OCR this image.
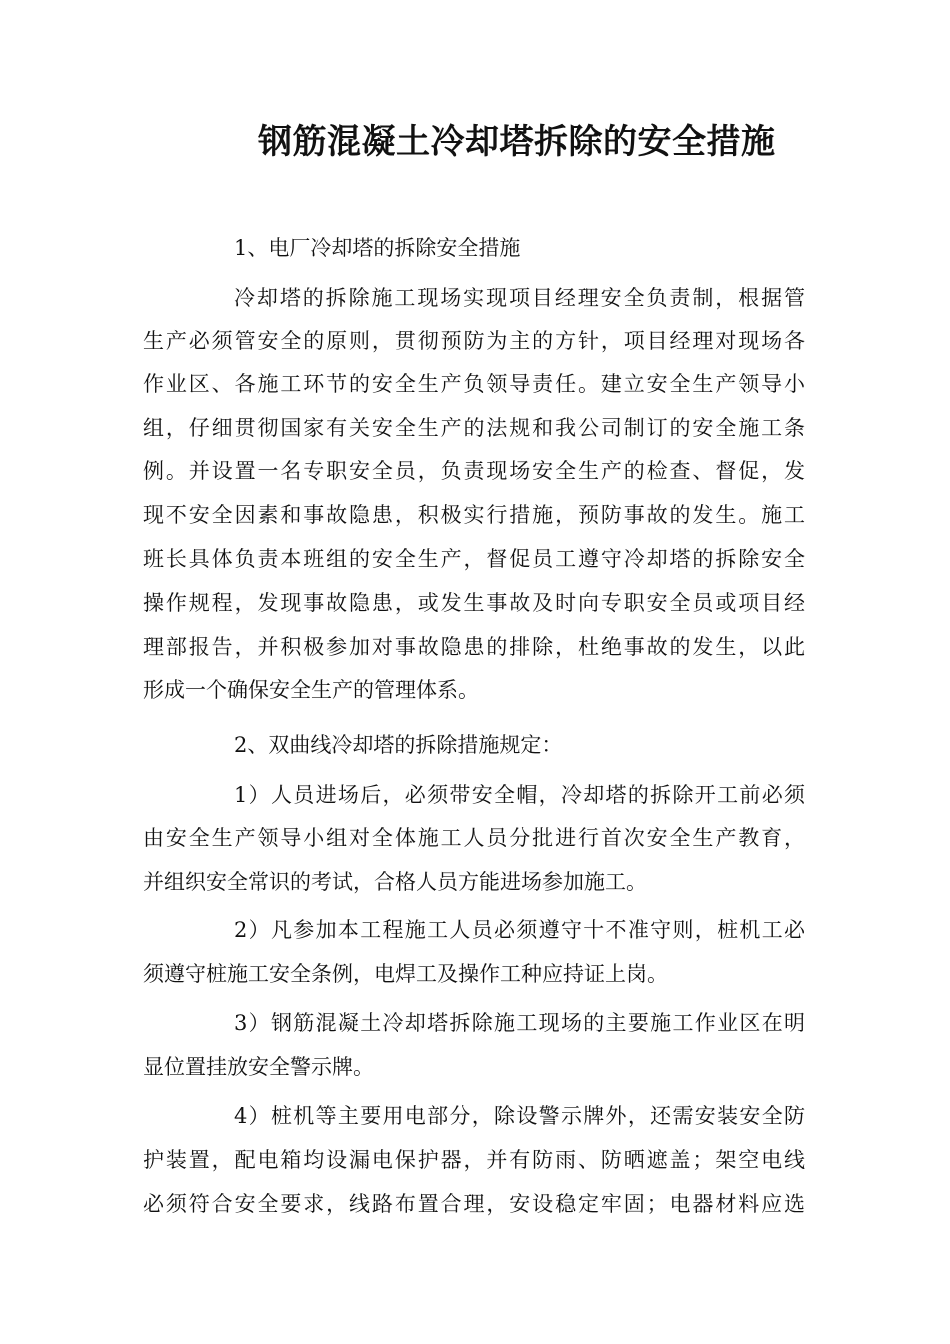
钢筋混凝土冷却塔拆除的安全措施
1、电厂冷却塔的拆除安全措施
冷却塔的拆除施工现场实现项目经理安全负责制，根据管
生产必须管安全的原则，贯彻预防为主的方针，项目经理对现场各
作业区、各施工环节的安全生产负领导责任。建立安全生产领导小
组，仔细贯彻国家有关安全生产的法规和我公司制订的安全施工条
例。并设置一名专职安全员，负责现场安全生产的检查、督促，发
现不安全因素和事故隐患，积极实行措施，预防事故的发生。施工
班长具体负责本班组的安全生产，督促员工遵守冷却塔的拆除安全
操作规程，发现事故隐患，或发生事故及时向专职安全员或项目经
理部报告，并积极参加对事故隐患的排除，杜绝事故的发生，以此
形成一个确保安全生产的管理体系。
2、双曲线冷却塔的拆除措施规定：
1）人员进场后，必须带安全帽，冷却塔的拆除开工前必须
由安全生产领导小组对全体施工人员分批进行首次安全生产教育，
并组织安全常识的考试，合格人员方能进场参加施工。
2）凡参加本工程施工人员必须遵守十不准守则，桩机工必
须遵守桩施工安全条例，电焊工及操作工种应持证上岗。
3）钢筋混凝土冷却塔拆除施工现场的主要施工作业区在明
显位置挂放安全警示牌。
4）桩机等主要用电部分，除设警示牌外，还需安装安全防
护装置，配电箱均设漏电保护器，并有防雨、防晒遮盖；架空电线
必须符合安全要求，线路布置合理，安设稳定牢固；电器材料应选
